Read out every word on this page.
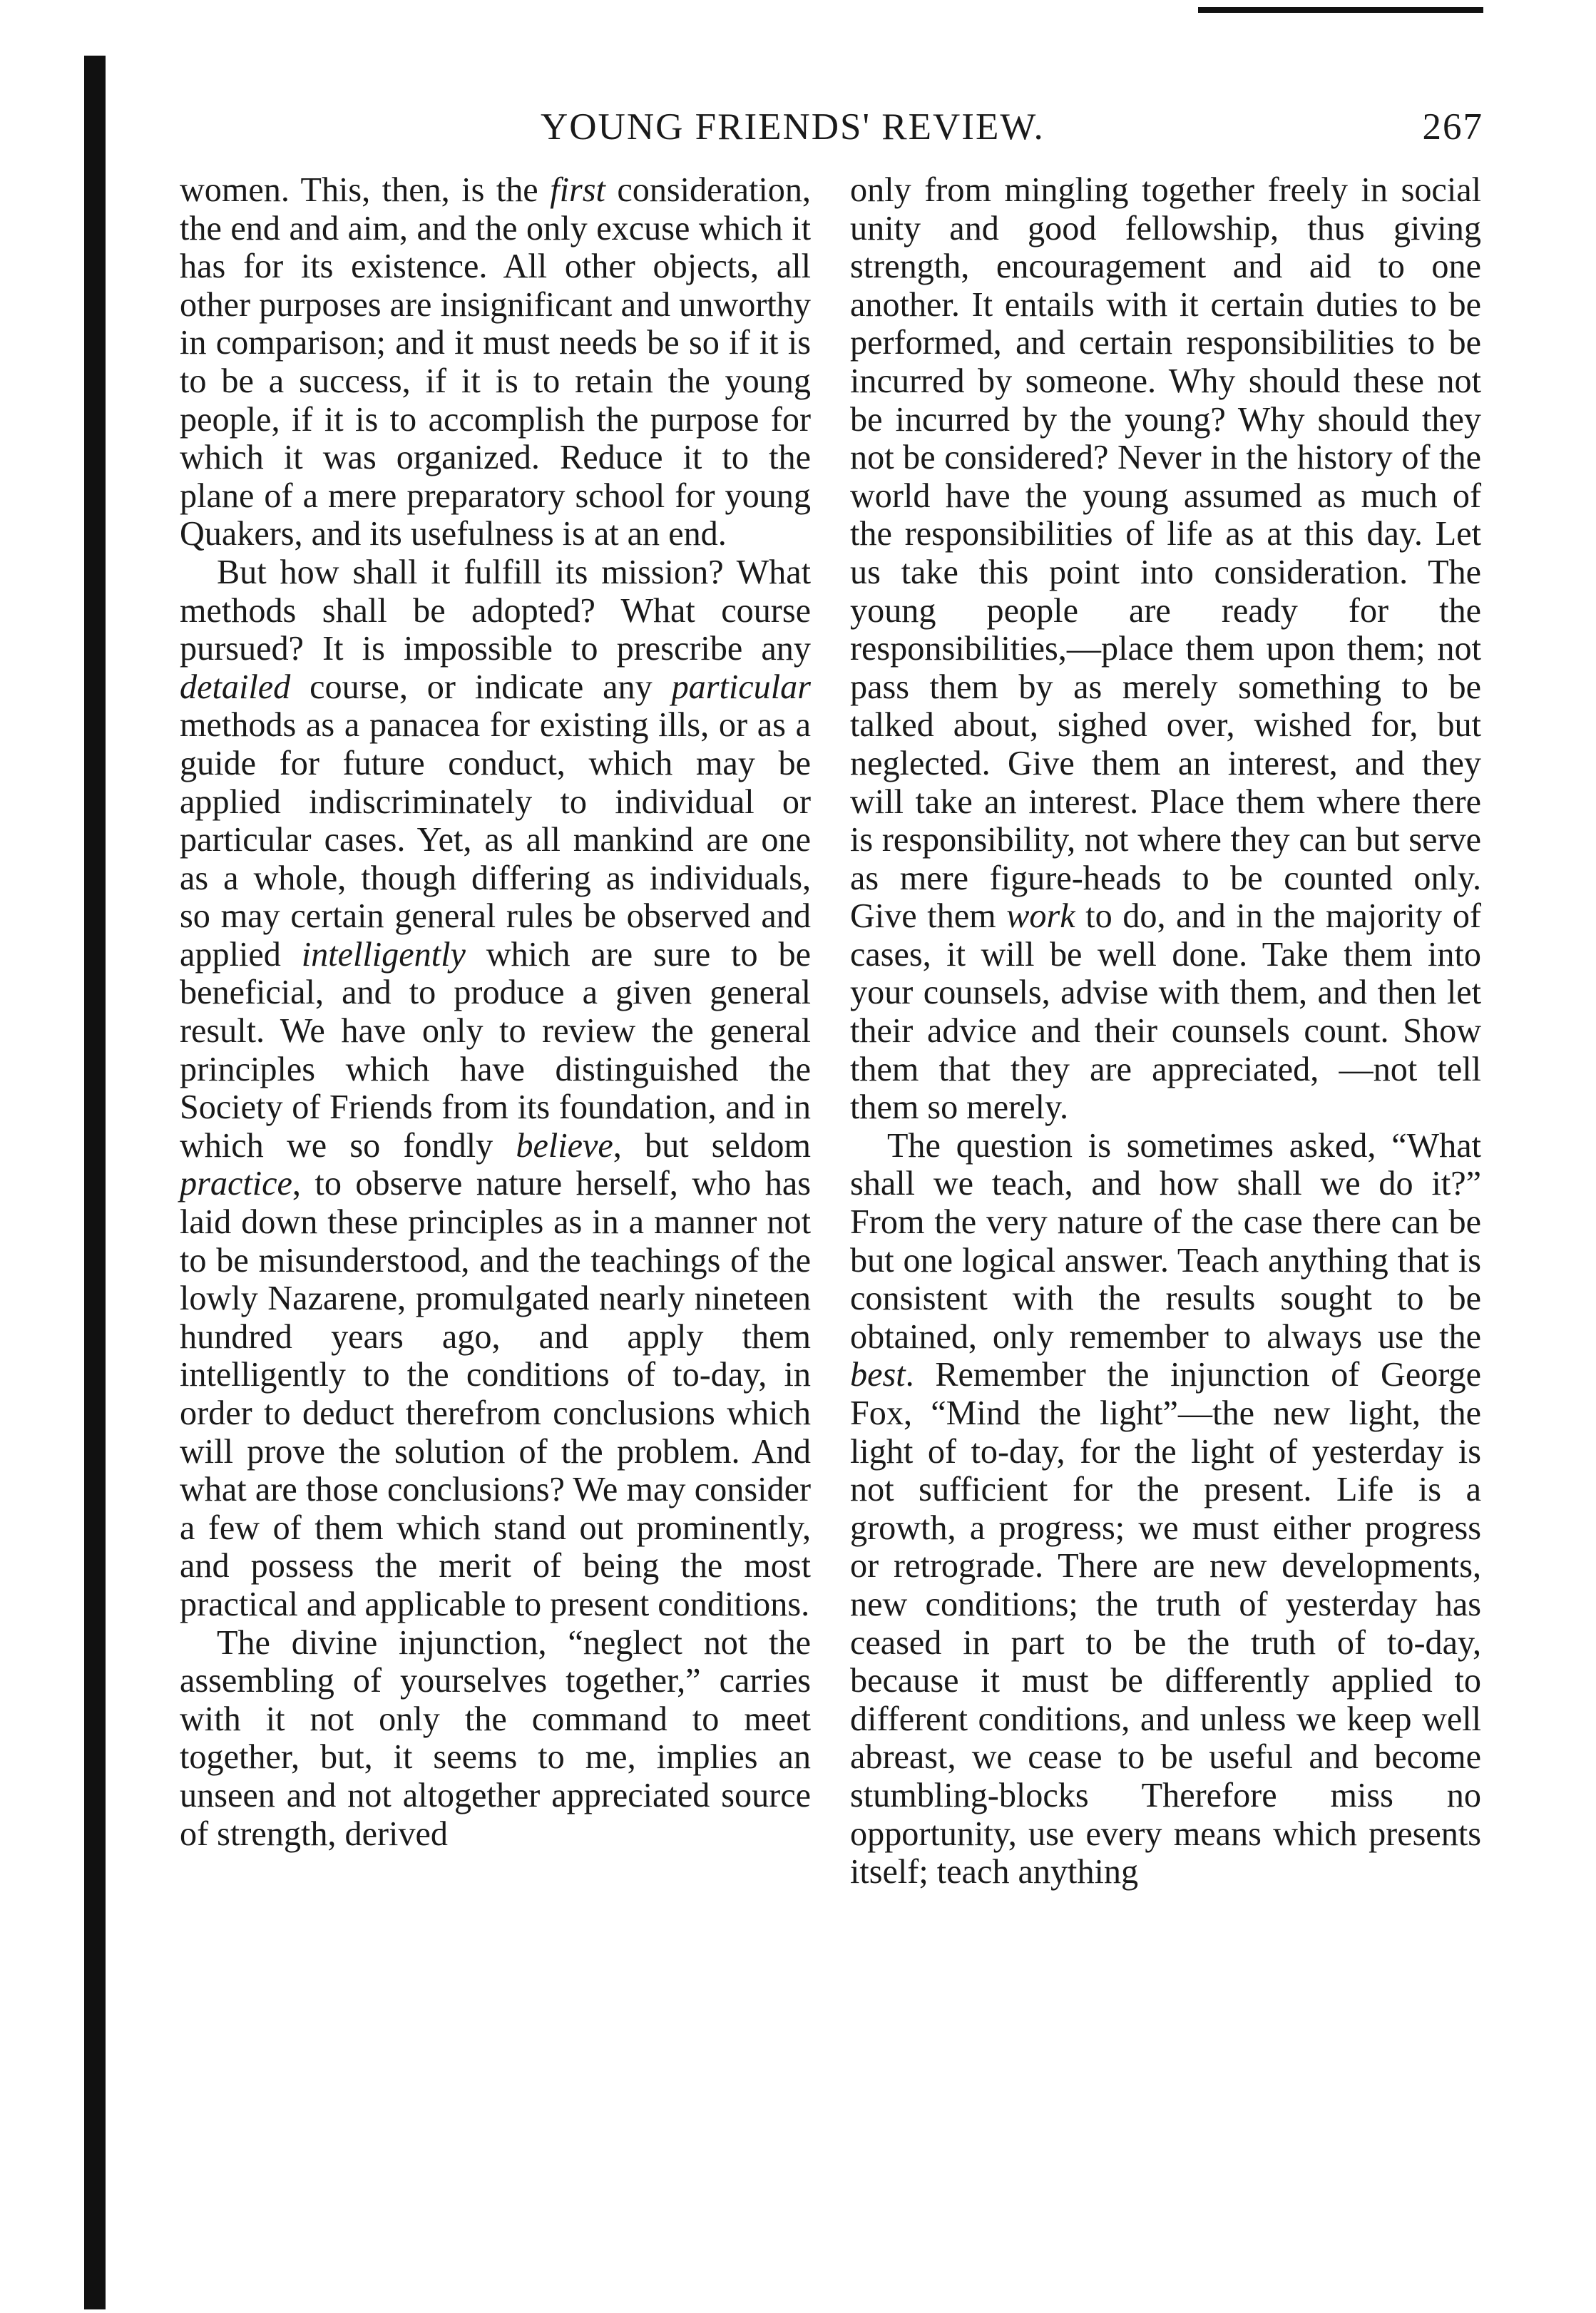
YOUNG FRIENDS' REVIEW.	267

women. This, then, is the first consideration, the end and aim, and the only excuse which it has for its existence. All other objects, all other purposes are insignificant and unworthy in comparison; and it must needs be so if it is to be a success, if it is to retain the young people, if it is to accomplish the purpose for which it was organized. Reduce it to the plane of a mere preparatory school for young Quakers, and its usefulness is at an end.

But how shall it fulfill its mission? What methods shall be adopted? What course pursued? It is impossible to prescribe any detailed course, or indicate any particular methods as a panacea for existing ills, or as a guide for future conduct, which may be applied indiscriminately to individual or particular cases. Yet, as all mankind are one as a whole, though differing as individuals, so may certain general rules be observed and applied intelligently which are sure to be beneficial, and to produce a given general result. We have only to review the general principles which have distinguished the Society of Friends from its foundation, and in which we so fondly believe, but seldom practice, to observe nature herself, who has laid down these principles as in a manner not to be misunderstood, and the teachings of the lowly Nazarene, promulgated nearly nineteen hundred years ago, and apply them intelligently to the conditions of to-day, in order to deduct therefrom conclusions which will prove the solution of the problem. And what are those conclusions? We may consider a few of them which stand out prominently, and possess the merit of being the most practical and applicable to present conditions.

The divine injunction, “neglect not the assembling of yourselves together,” carries with it not only the command to meet together, but, it seems to me, implies an unseen and not altogether appreciated source of strength, derived

only from mingling together freely in social unity and good fellowship, thus giving strength, encouragement and aid to one another. It entails with it certain duties to be performed, and certain responsibilities to be incurred by someone. Why should these not be incurred by the young? Why should they not be considered? Never in the history of the world have the young assumed as much of the responsibilities of life as at this day. Let us take this point into consideration. The young people are ready for the responsibilities,—place them upon them; not pass them by as merely something to be talked about, sighed over, wished for, but neglected. Give them an interest, and they will take an interest. Place them where there is responsibility, not where they can but serve as mere figure-heads to be counted only. Give them work to do, and in the majority of cases, it will be well done. Take them into your counsels, advise with them, and then let their advice and their counsels count. Show them that they are appreciated, —not tell them so merely.

The question is sometimes asked, “What shall we teach, and how shall we do it?” From the very nature of the case there can be but one logical answer. Teach anything that is consistent with the results sought to be obtained, only remember to always use the best. Remember the injunction of George Fox, “Mind the light”—the new light, the light of to-day, for the light of yesterday is not sufficient for the present. Life is a growth, a progress; we must either progress or retrograde. There are new developments, new conditions; the truth of yesterday has ceased in part to be the truth of to-day, because it must be differently applied to different conditions, and unless we keep well abreast, we cease to be useful and become stumbling-blocks Therefore miss no opportunity, use every means which presents itself; teach anything
